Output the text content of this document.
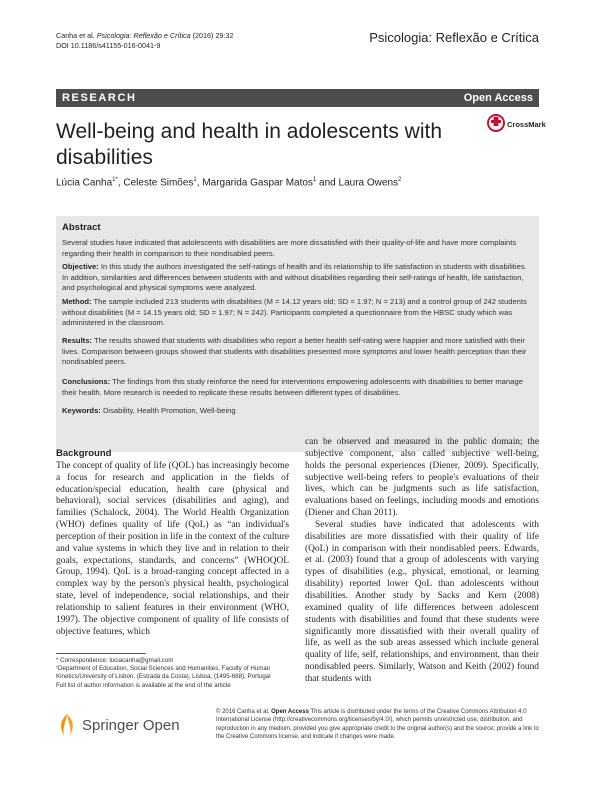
Canha et al. Psicologia: Reflexão e Crítica (2016) 29:32
DOI 10.1186/s41155-016-0041-9
Psicologia: Reflexão e Crítica
RESEARCH	Open Access
Well-being and health in adolescents with disabilities
CrossMark
Lúcia Canha$^{1*}$, Celeste Simões$^1$, Margarida Gaspar Matos$^1$ and Laura Owens$^2$
Abstract
Several studies have indicated that adolescents with disabilities are more dissatisfied with their quality-of-life and have more complaints regarding their health in comparison to their nondisabled peers.
Objective: In this study the authors investigated the self-ratings of health and its relationship to life satisfaction in students with disabilities. In addition, similarities and differences between students with and without disabilities regarding their self-ratings of health, life satisfaction, and psychological and physical symptoms were analyzed.
Method: The sample included 213 students with disabilities (M = 14.12 years old; SD = 1.97; N = 213) and a control group of 242 students without disabilities (M = 14.15 years old; SD = 1.97; N = 242). Participants completed a questionnaire from the HBSC study which was administered in the classroom.
Results: The results showed that students with disabilities who report a better health self-rating were happier and more satisfied with their lives. Comparison between groups showed that students with disabilities presented more symptoms and lower health perception than their nondisabled peers.
Conclusions: The findings from this study reinforce the need for interventions empowering adolescents with disabilities to better manage their health. More research is needed to replicate these results between different types of disabilities.
Keywords: Disability, Health Promotion, Well-being
Background
The concept of quality of life (QOL) has increasingly become a focus for research and application in the fields of education/special education, health care (physical and behavioral), social services (disabilities and aging), and families (Schalock, 2004). The World Health Organization (WHO) defines quality of life (QoL) as “an individual's perception of their position in life in the context of the culture and value systems in which they live and in relation to their goals, expectations, standards, and concerns” (WHOQOL Group, 1994). QoL is a broad-ranging concept affected in a complex way by the person's physical health, psychological state, level of independence, social relationships, and their relationship to salient features in their environment (WHO, 1997). The objective component of quality of life consists of objective features, which
can be observed and measured in the public domain; the subjective component, also called subjective well-being, holds the personal experiences (Diener, 2009). Specifically, subjective well-being refers to people's evaluations of their lives, which can be judgments such as life satisfaction, evaluations based on feelings, including moods and emotions (Diener and Chan 2011).
Several studies have indicated that adolescents with disabilities are more dissatisfied with their quality of life (QoL) in comparison with their nondisabled peers. Edwards, et al. (2003) found that a group of adolescents with varying types of disabilities (e.g., physical, emotional, or learning disability) reported lower QoL than adolescents without disabilities. Another study by Sacks and Kern (2008) examined quality of life differences between adolescent students with disabilities and found that these students were significantly more dissatisfied with their overall quality of life, as well as the sub areas assessed which include general quality of life, self, relationships, and environment, than their nondisabled peers. Similarly, Watson and Keith (2002) found that students with
* Correspondence: luciacanha@gmail.com
¹Department of Education, Social Sciences and Humanities, Faculty of Human Kinetics/University of Lisbon, (Estrada da Costa), Lisboa, (1495-688), Portugal
Full list of author information is available at the end of the article
Springer Open
© 2016 Canha et al. Open Access This article is distributed under the terms of the Creative Commons Attribution 4.0 International License (http://creativecommons.org/licenses/by/4.0/), which permits unrestricted use, distribution, and reproduction in any medium, provided you give appropriate credit to the original author(s) and the source, provide a link to the Creative Commons license, and indicate if changes were made.
